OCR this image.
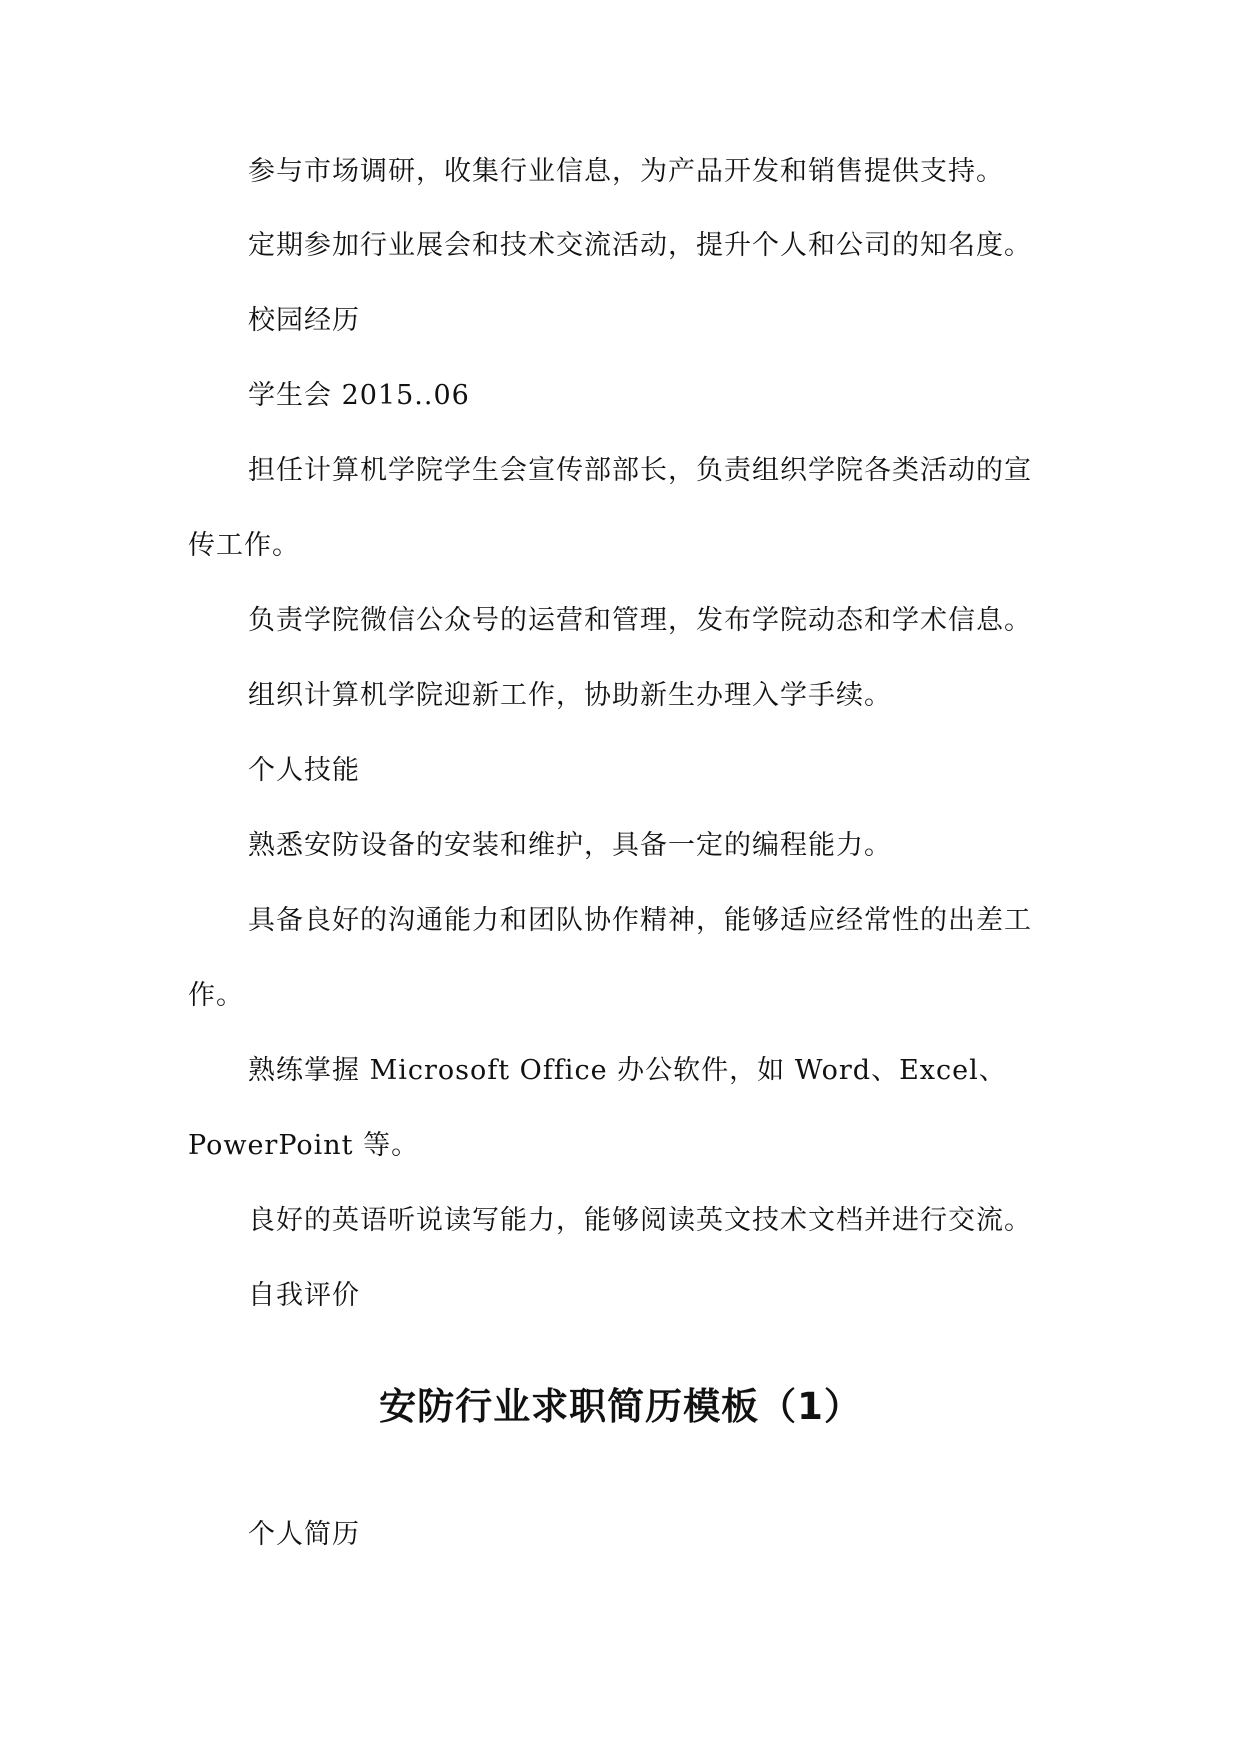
参与市场调研，收集行业信息，为产品开发和销售提供支持。
定期参加行业展会和技术交流活动，提升个人和公司的知名度。
校园经历
学生会 2015..06
担任计算机学院学生会宣传部部长，负责组织学院各类活动的宣
传工作。
负责学院微信公众号的运营和管理，发布学院动态和学术信息。
组织计算机学院迎新工作，协助新生办理入学手续。
个人技能
熟悉安防设备的安装和维护，具备一定的编程能力。
具备良好的沟通能力和团队协作精神，能够适应经常性的出差工
作。
熟练掌握 Microsoft Office 办公软件，如 Word、Excel、
PowerPoint 等。
良好的英语听说读写能力，能够阅读英文技术文档并进行交流。
自我评价
安防行业求职简历模板（1）
个人简历
